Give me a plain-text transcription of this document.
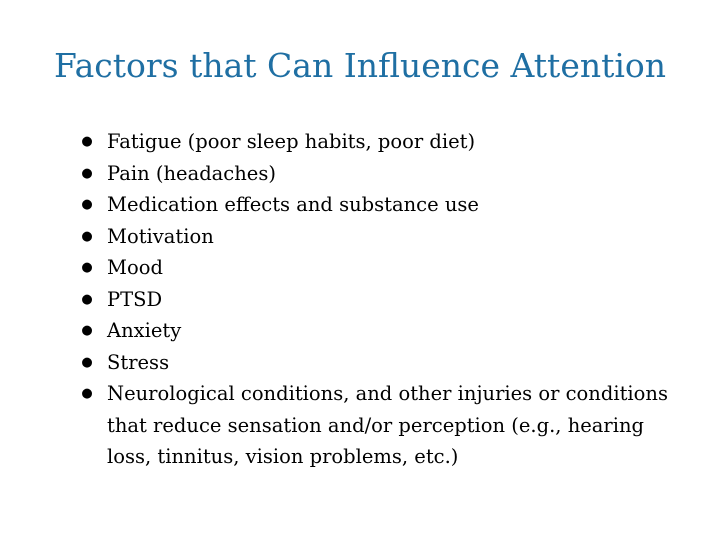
Factors that Can Influence Attention
● Fatigue (poor sleep habits, poor diet)
● Pain (headaches)
● Medication effects and substance use
● Motivation
● Mood
● PTSD
● Anxiety
● Stress
● Neurological conditions, and other injuries or conditions that reduce sensation and/or perception (e.g., hearing loss, tinnitus, vision problems, etc.)
